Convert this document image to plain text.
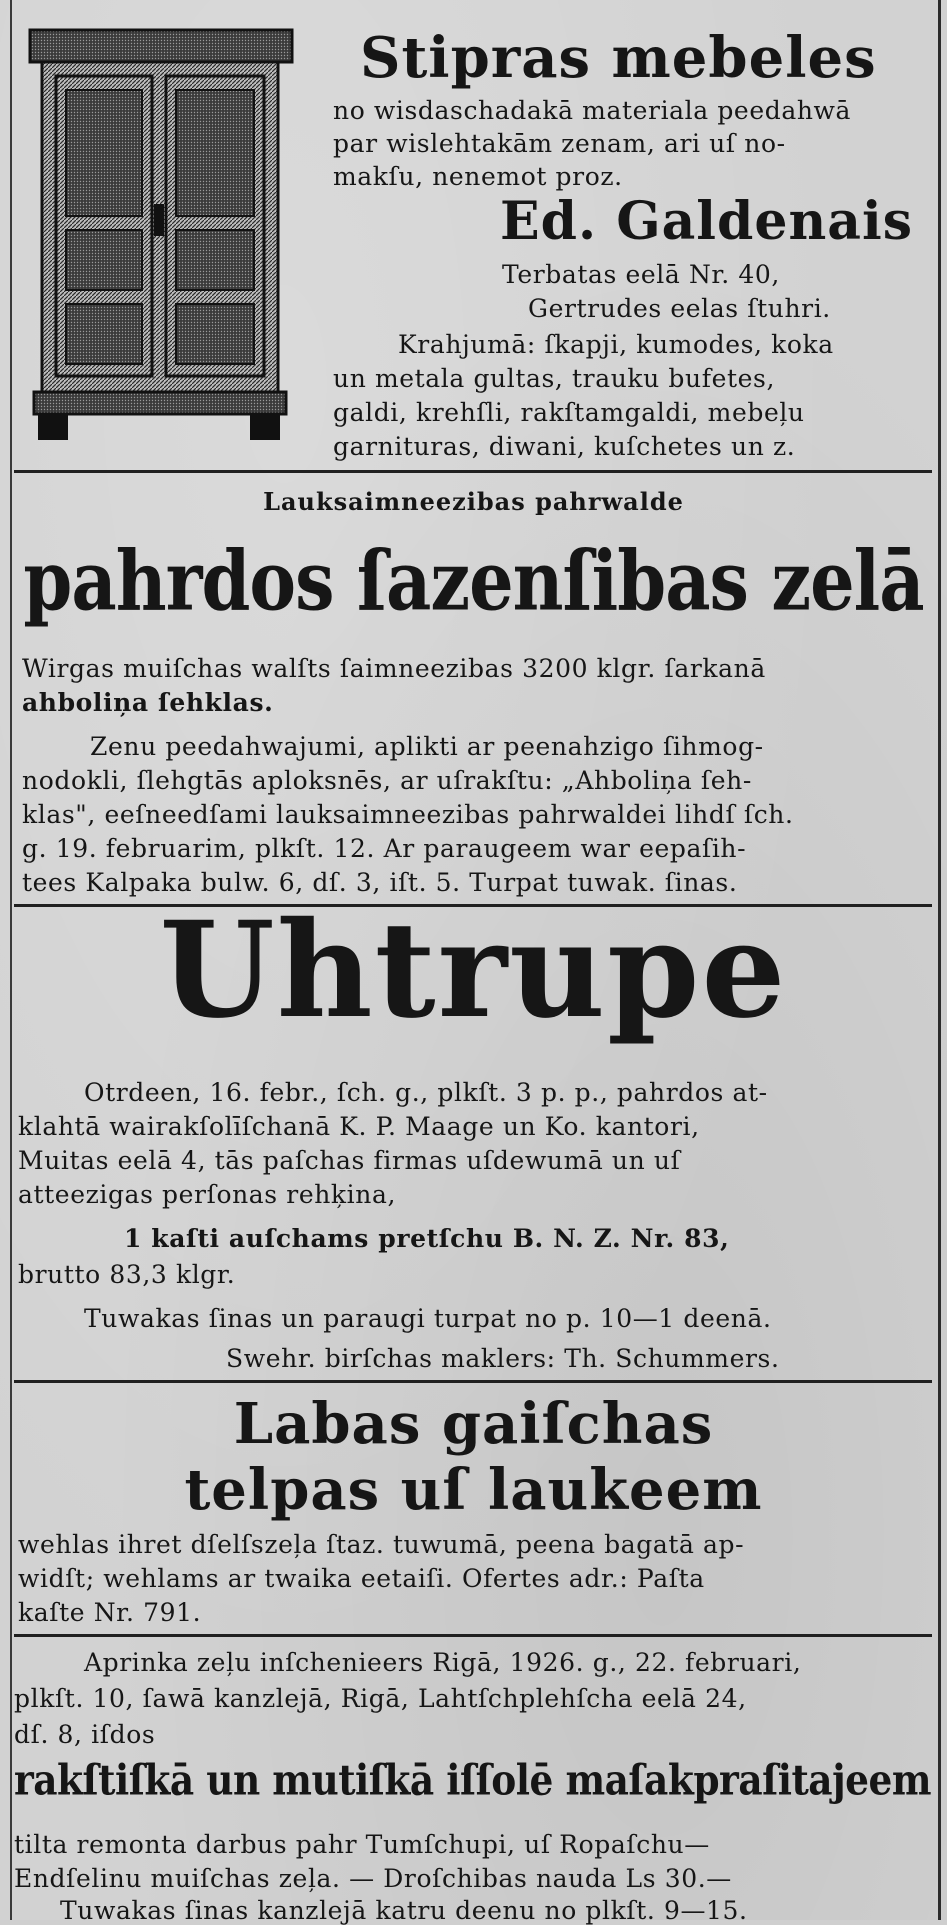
Stipras mebeles
no wisdaschadakā materiala peedahwā
par wislehtakām zenam, ari uſ no-
makſu, nenemot proz.
Ed. Galdenais
Terbatas eelā Nr. 40,
Gertrudes eelas ſtuhri.
Krahjumā: ſkapji, kumodes, koka
un metala gultas, trauku bufetes,
galdi, krehſli, rakſtamgaldi, mebeļu
garnituras, diwani, kuſchetes un z.
Lauksaimneezibas pahrwalde
pahrdos ſazenſibas zelā
Wirgas muiſchas walſts ſaimneezibas 3200 klgr. ſarkanā
ahboliņa ſehklas.
Zenu peedahwajumi, aplikti ar peenahzigo ſihmog-
nodokli, ſlehgtās aploksnēs, ar uſrakſtu: „Ahboliņa ſeh-
klas", eeſneedſami lauksaimneezibas pahrwaldei lihdſ ſch.
g. 19. februarim, plkſt. 12. Ar paraugeem war eepaſih-
tees Kalpaka bulw. 6, dſ. 3, iſt. 5. Turpat tuwak. ſinas.
Uhtrupe
Otrdeen, 16. febr., ſch. g., plkſt. 3 p. p., pahrdos at-
klahtā wairakſolīſchanā K. P. Maage un Ko. kantori,
Muitas eelā 4, tās paſchas firmas uſdewumā un uſ
atteezigas perſonas rehķina,
1 kaſti auſchams pretſchu B. N. Z. Nr. 83,
brutto 83,3 klgr.
Tuwakas ſinas un paraugi turpat no p. 10—1 deenā.
Swehr. birſchas maklers: Th. Schummers.
Labas gaiſchas
telpas uſ laukeem
wehlas ihret dſelſszeļa ſtaz. tuwumā, peena bagatā ap-
widſt; wehlams ar twaika eetaiſi. Ofertes adr.: Paſta
kaſte Nr. 791.
Aprinka zeļu inſchenieers Rigā, 1926. g., 22. februari,
plkſt. 10, ſawā kanzlejā, Rigā, Lahtſchplehſcha eelā 24,
dſ. 8, iſdos
rakſtiſkā un mutiſkā iſſolē maſakpraſitajeem
tilta remonta darbus pahr Tumſchupi, uſ Ropaſchu—
Endſelinu muiſchas zeļa. — Droſchibas nauda Ls 30.—
Tuwakas ſinas kanzlejā katru deenu no plkſt. 9—15.
